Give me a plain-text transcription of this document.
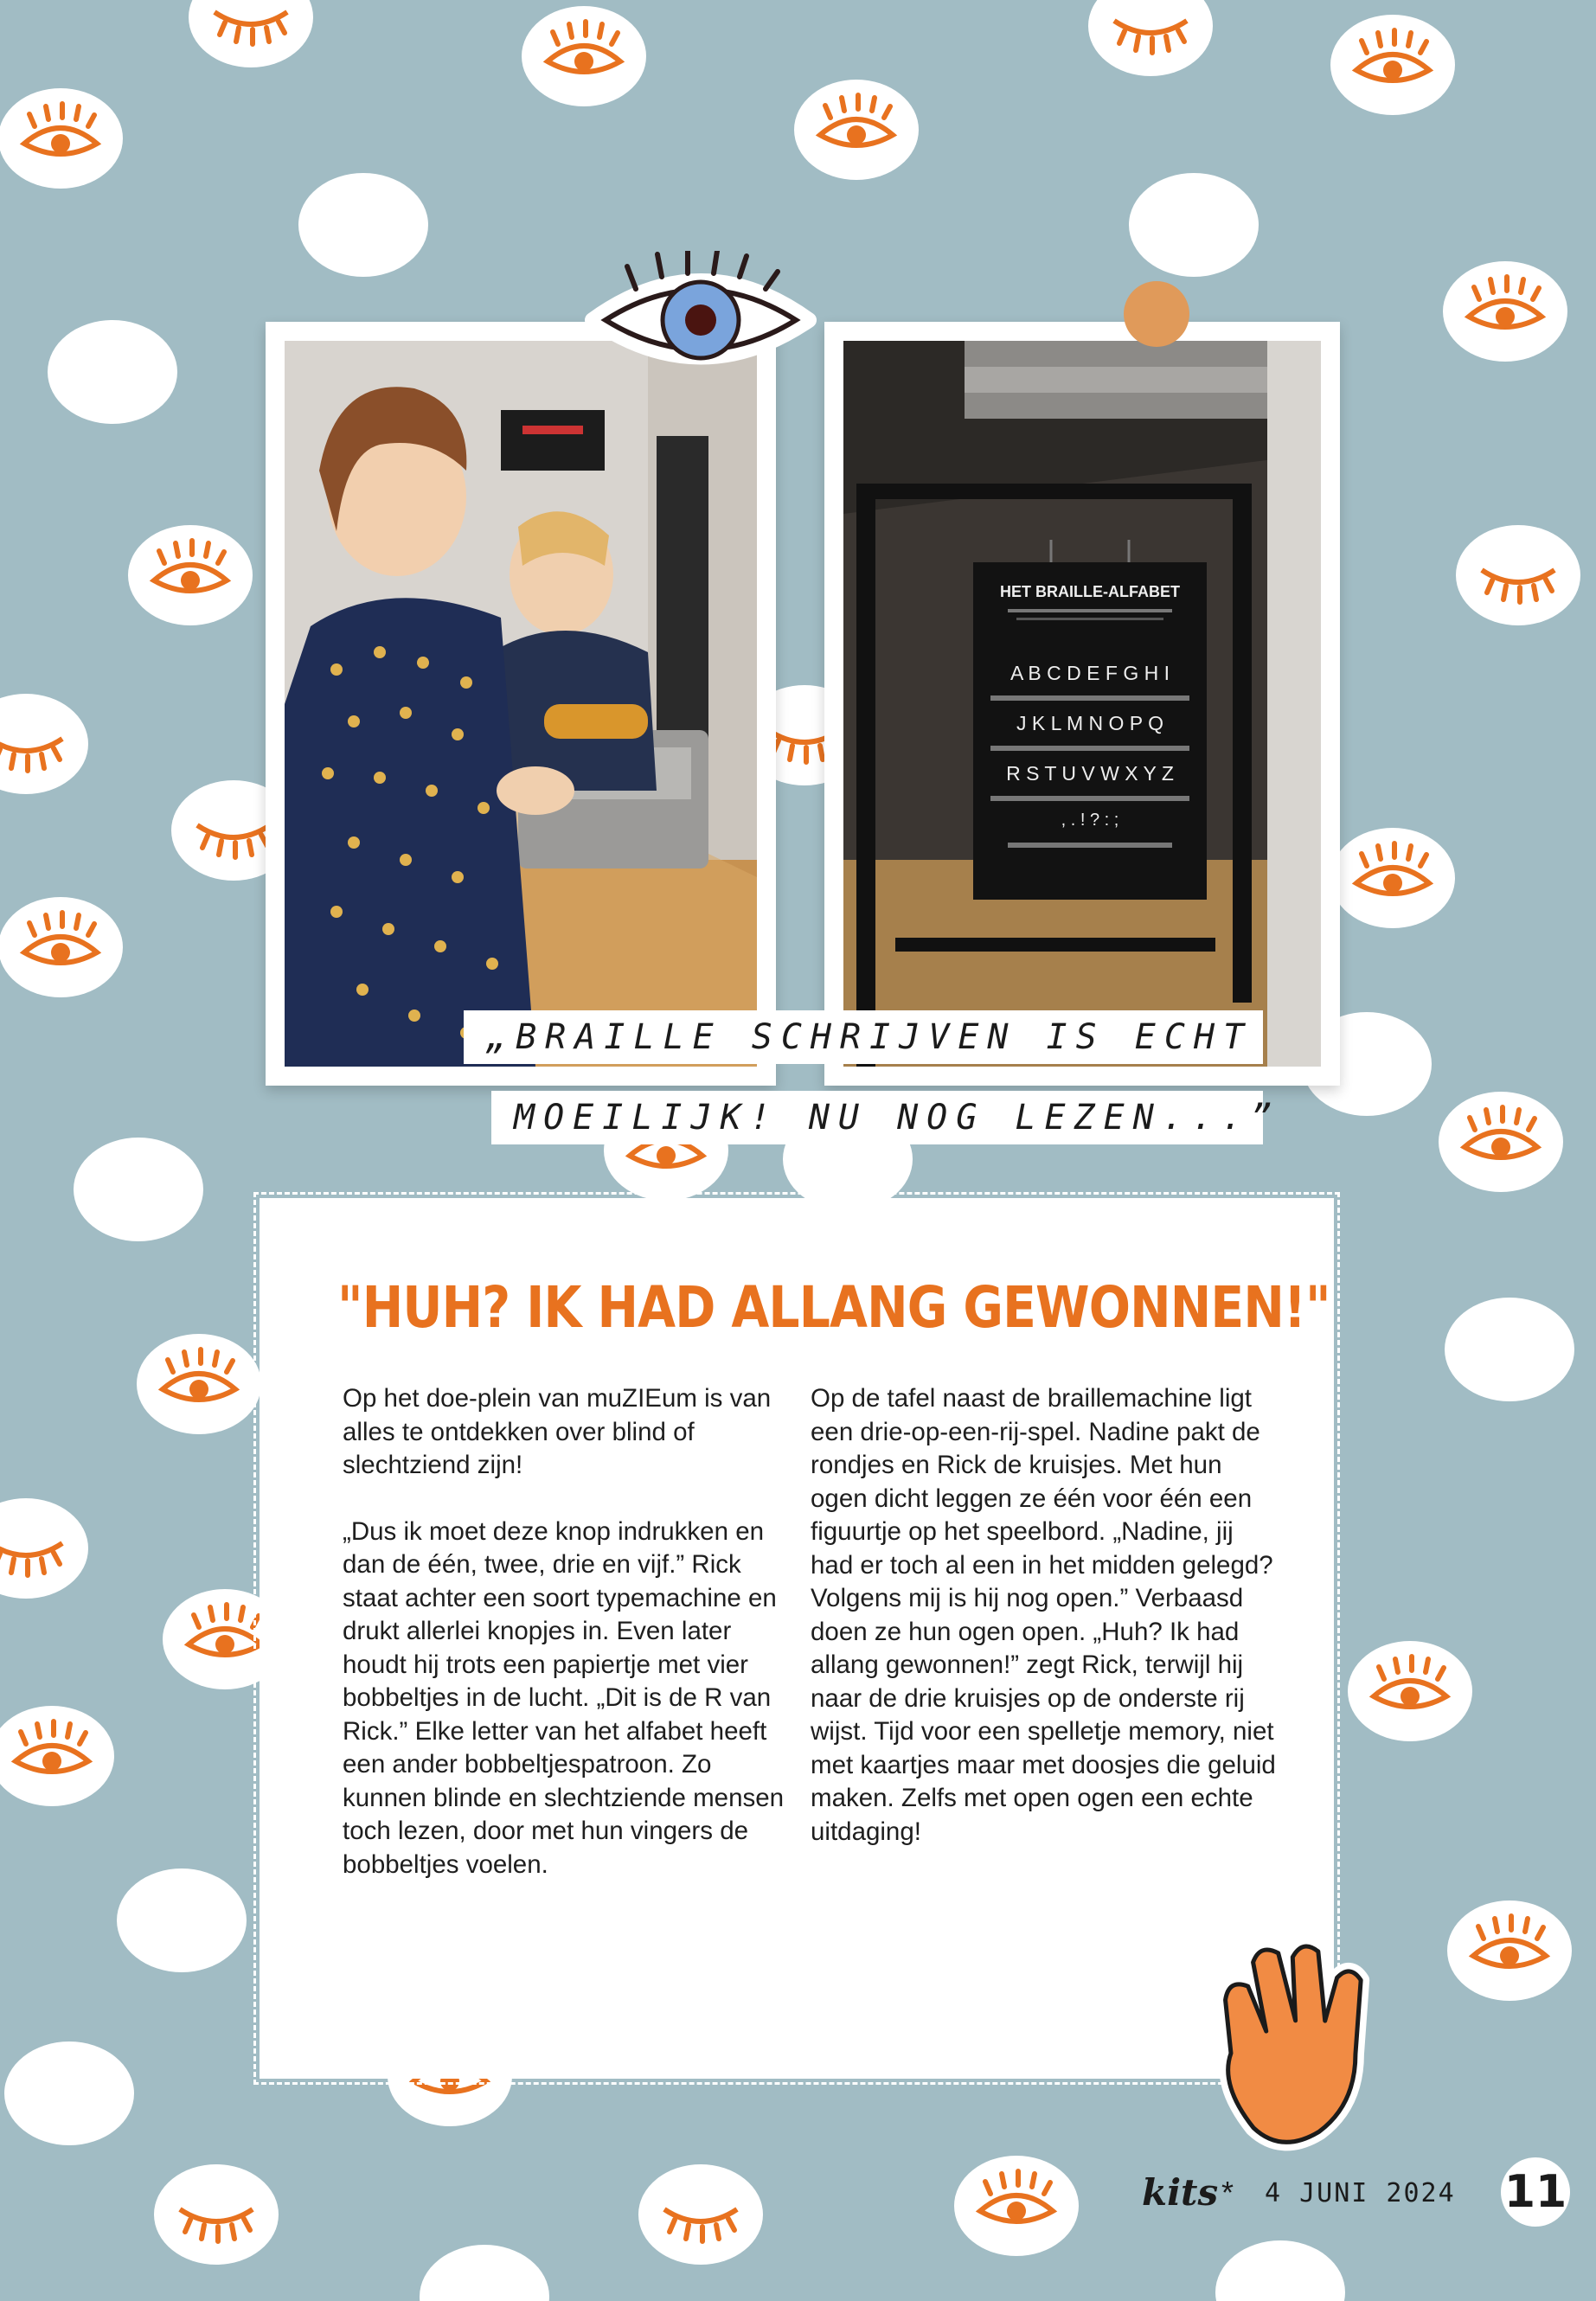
HET BRAILLE-ALFABET
A B C D E F G H I
J K L M N O P Q
R S T U V W X Y Z
, . ! ? : ;
„BRAILLE SCHRIJVEN IS ECHT
MOEILIJK! NU NOG LEZEN...”
"HUH? IK HAD ALLANG GEWONNEN!"

Op het doe-plein van muZIEum is van alles te ontdekken over blind of slechtziend zijn!

„Dus ik moet deze knop indrukken en dan de één, twee, drie en vijf.” Rick staat achter een soort typemachine en drukt allerlei knopjes in. Even later houdt hij trots een papiertje met vier bobbeltjes in de lucht. „Dit is de R van Rick.” Elke letter van het alfabet heeft een ander bobbeltjespatroon. Zo kunnen blinde en slechtziende mensen toch lezen, door met hun vingers de bobbeltjes voelen.

Op de tafel naast de braillemachine ligt een drie-op-een-rij-spel. Nadine pakt de rondjes en Rick de kruisjes. Met hun ogen dicht leggen ze één voor één een figuurtje op het speelbord. „Nadine, jij had er toch al een in het midden gelegd? Volgens mij is hij nog open.” Verbaasd doen ze hun ogen open. „Huh? Ik had allang gewonnen!” zegt Rick, terwijl hij naar de drie kruisjes op de onderste rij wijst. Tijd voor een spelletje memory, niet met kaartjes maar met doosjes die geluid maken. Zelfs met open ogen een echte uitdaging!

kits * 4 JUNI 2024 11
